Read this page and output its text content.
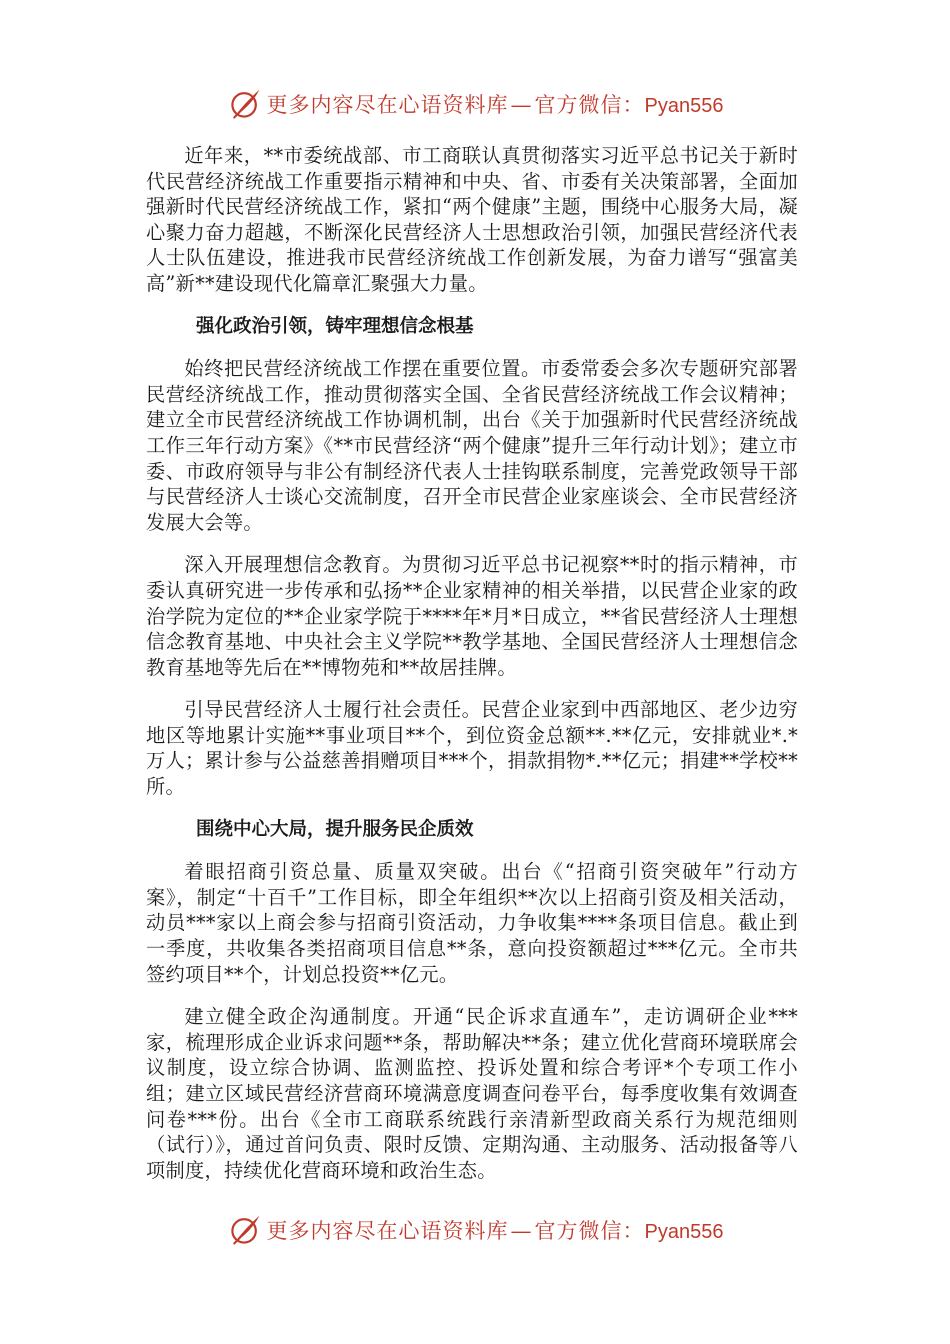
更多内容尽在心语资料库—官方微信：Pyan556

近年来，**市委统战部、市工商联认真贯彻落实习近平总书记关于新时代民营经济统战工作重要指示精神和中央、省、市委有关决策部署，全面加强新时代民营经济统战工作，紧扣“两个健康”主题，围绕中心服务大局，凝心聚力奋力超越，不断深化民营经济人士思想政治引领，加强民营经济代表人士队伍建设，推进我市民营经济统战工作创新发展，为奋力谱写“强富美高”新**建设现代化篇章汇聚强大力量。

强化政治引领，铸牢理想信念根基

始终把民营经济统战工作摆在重要位置。市委常委会多次专题研究部署民营经济统战工作，推动贯彻落实全国、全省民营经济统战工作会议精神；建立全市民营经济统战工作协调机制，出台《关于加强新时代民营经济统战工作三年行动方案》《**市民营经济“两个健康”提升三年行动计划》；建立市委、市政府领导与非公有制经济代表人士挂钩联系制度，完善党政领导干部与民营经济人士谈心交流制度，召开全市民营企业家座谈会、全市民营经济发展大会等。

深入开展理想信念教育。为贯彻习近平总书记视察**时的指示精神，市委认真研究进一步传承和弘扬**企业家精神的相关举措，以民营企业家的政治学院为定位的**企业家学院于****年*月*日成立，**省民营经济人士理想信念教育基地、中央社会主义学院**教学基地、全国民营经济人士理想信念教育基地等先后在**博物苑和**故居挂牌。

引导民营经济人士履行社会责任。民营企业家到中西部地区、老少边穷地区等地累计实施**事业项目**个，到位资金总额**.**亿元，安排就业*.*万人；累计参与公益慈善捐赠项目***个，捐款捐物*.**亿元；捐建**学校**所。

围绕中心大局，提升服务民企质效

着眼招商引资总量、质量双突破。出台《“招商引资突破年”行动方案》，制定“十百千”工作目标，即全年组织**次以上招商引资及相关活动，动员***家以上商会参与招商引资活动，力争收集****条项目信息。截止到一季度，共收集各类招商项目信息**条，意向投资额超过***亿元。全市共签约项目**个，计划总投资**亿元。

建立健全政企沟通制度。开通“民企诉求直通车”，走访调研企业***家，梳理形成企业诉求问题**条，帮助解决**条；建立优化营商环境联席会议制度，设立综合协调、监测监控、投诉处置和综合考评*个专项工作小组；建立区域民营经济营商环境满意度调查问卷平台，每季度收集有效调查问卷***份。出台《全市工商联系统践行亲清新型政商关系行为规范细则（试行）》，通过首问负责、限时反馈、定期沟通、主动服务、活动报备等八项制度，持续优化营商环境和政治生态。

更多内容尽在心语资料库—官方微信：Pyan556
